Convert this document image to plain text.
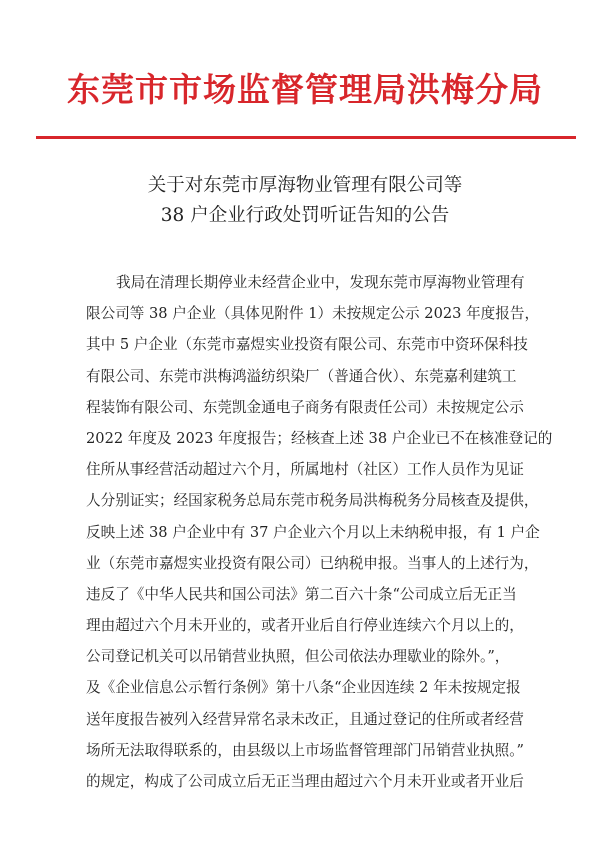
东莞市市场监督管理局洪梅分局
关于对东莞市厚海物业管理有限公司等
38 户企业行政处罚听证告知的公告
我局在清理长期停业未经营企业中，发现东莞市厚海物业管理有
限公司等 38 户企业（具体见附件 1）未按规定公示 2023 年度报告，
其中 5 户企业（东莞市嘉煜实业投资有限公司、东莞市中资环保科技
有限公司、东莞市洪梅鸿溢纺织染厂（普通合伙）、东莞嘉利建筑工
程装饰有限公司、东莞凯金通电子商务有限责任公司）未按规定公示
2022 年度及 2023 年度报告；经核查上述 38 户企业已不在核准登记的
住所从事经营活动超过六个月，所属地村（社区）工作人员作为见证
人分别证实；经国家税务总局东莞市税务局洪梅税务分局核查及提供，
反映上述 38 户企业中有 37 户企业六个月以上未纳税申报，有 1 户企
业（东莞市嘉煜实业投资有限公司）已纳税申报。当事人的上述行为，
违反了《中华人民共和国公司法》第二百六十条“公司成立后无正当
理由超过六个月未开业的，或者开业后自行停业连续六个月以上的，
公司登记机关可以吊销营业执照，但公司依法办理歇业的除外。”，
及《企业信息公示暂行条例》第十八条“企业因连续 2 年未按规定报
送年度报告被列入经营异常名录未改正，且通过登记的住所或者经营
场所无法取得联系的，由县级以上市场监督管理部门吊销营业执照。”
的规定，构成了公司成立后无正当理由超过六个月未开业或者开业后
